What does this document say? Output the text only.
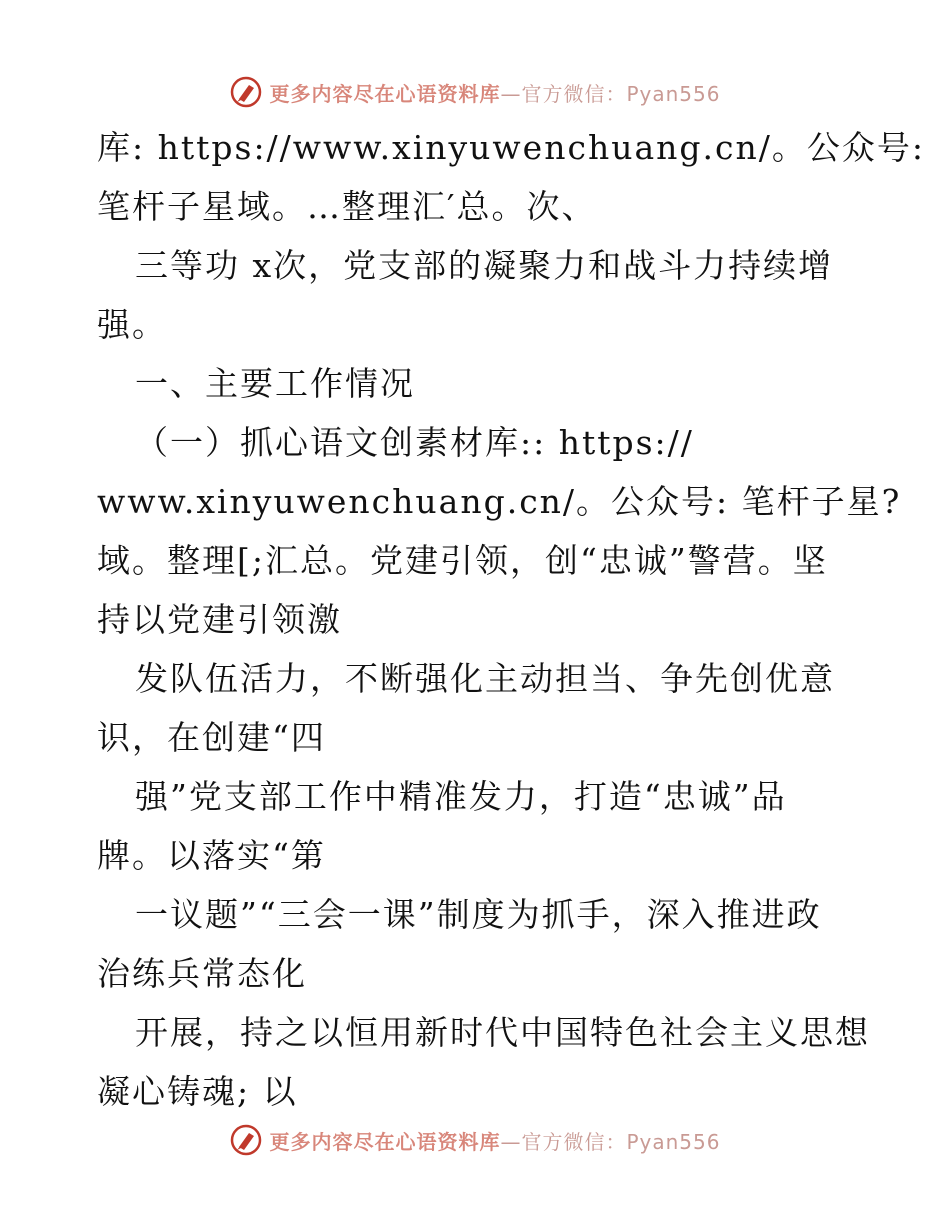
更多内容尽在心语资料库 —官方微信：Pyan556
库: https://www.xinyuwenchuang.cn/。公众号:
笔杆子星域。…整理汇′总。次、
三等功 x次，党支部的凝聚力和战斗力持续增
强。
一、主要工作情况
（一）抓心语文创素材库:: https://
www.xinyuwenchuang.cn/。公众号: 笔杆子星?
域。整理[;汇总。党建引领，创“忠诚”警营。坚
持以党建引领激
发队伍活力，不断强化主动担当、争先创优意
识，在创建“四
强”党支部工作中精准发力，打造“忠诚”品
牌。以落实“第
一议题”“三会一课”制度为抓手，深入推进政
治练兵常态化
开展，持之以恒用新时代中国特色社会主义思想
凝心铸魂; 以
更多内容尽在心语资料库 —官方微信：Pyan556
